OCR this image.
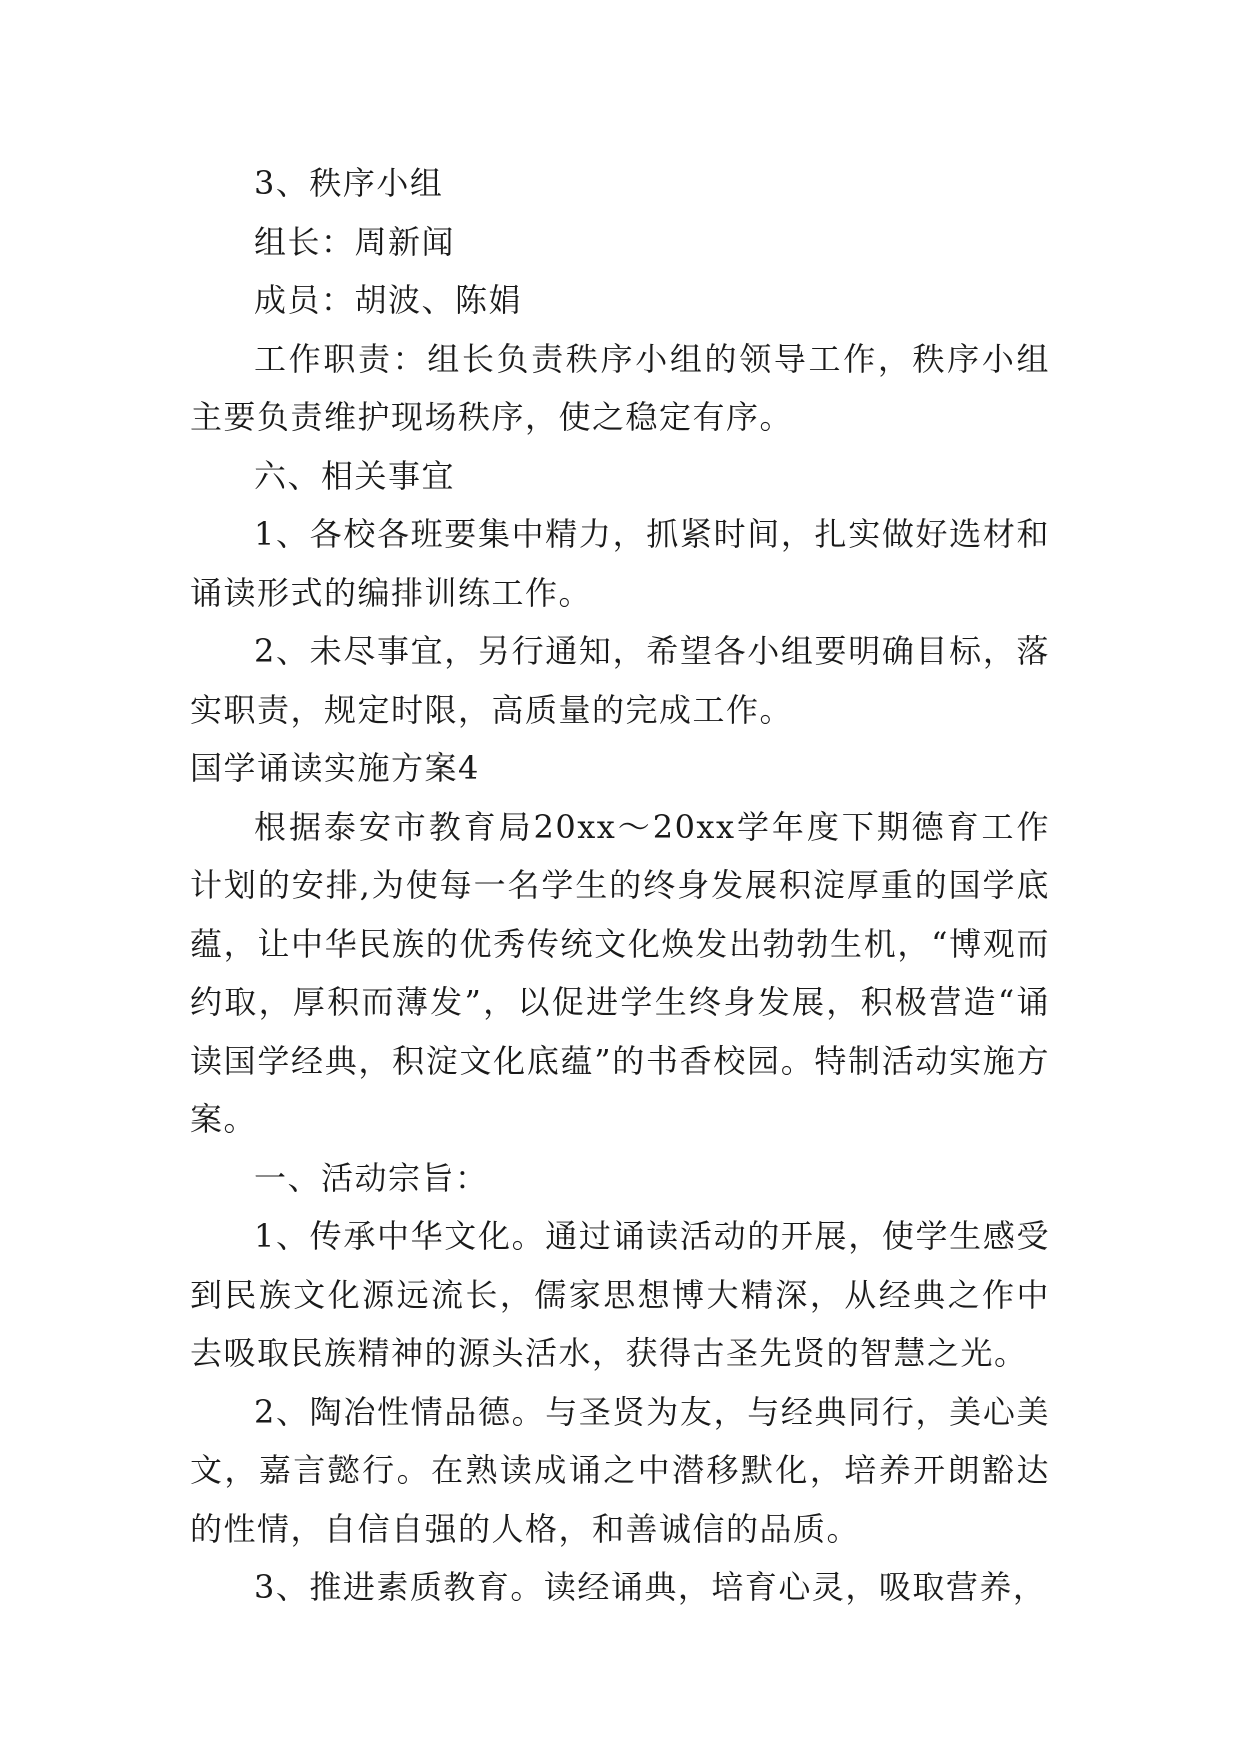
3、秩序小组

组长：周新闻

成员：胡波、陈娟

工作职责：组长负责秩序小组的领导工作，秩序小组主要负责维护现场秩序，使之稳定有序。

六、相关事宜

1、各校各班要集中精力，抓紧时间，扎实做好选材和诵读形式的编排训练工作。

2、未尽事宜，另行通知，希望各小组要明确目标，落实职责，规定时限，高质量的完成工作。

国学诵读实施方案4

根据泰安市教育局20xx～20xx学年度下期德育工作计划的安排,为使每一名学生的终身发展积淀厚重的国学底蕴，让中华民族的优秀传统文化焕发出勃勃生机，“博观而约取，厚积而薄发”，以促进学生终身发展，积极营造“诵读国学经典，积淀文化底蕴”的书香校园。特制活动实施方案。

一、活动宗旨：

1、传承中华文化。通过诵读活动的开展，使学生感受到民族文化源远流长，儒家思想博大精深，从经典之作中去吸取民族精神的源头活水，获得古圣先贤的智慧之光。

2、陶冶性情品德。与圣贤为友，与经典同行，美心美文，嘉言懿行。在熟读成诵之中潜移默化，培养开朗豁达的性情，自信自强的人格，和善诚信的品质。

3、推进素质教育。读经诵典，培育心灵，吸取营养，
